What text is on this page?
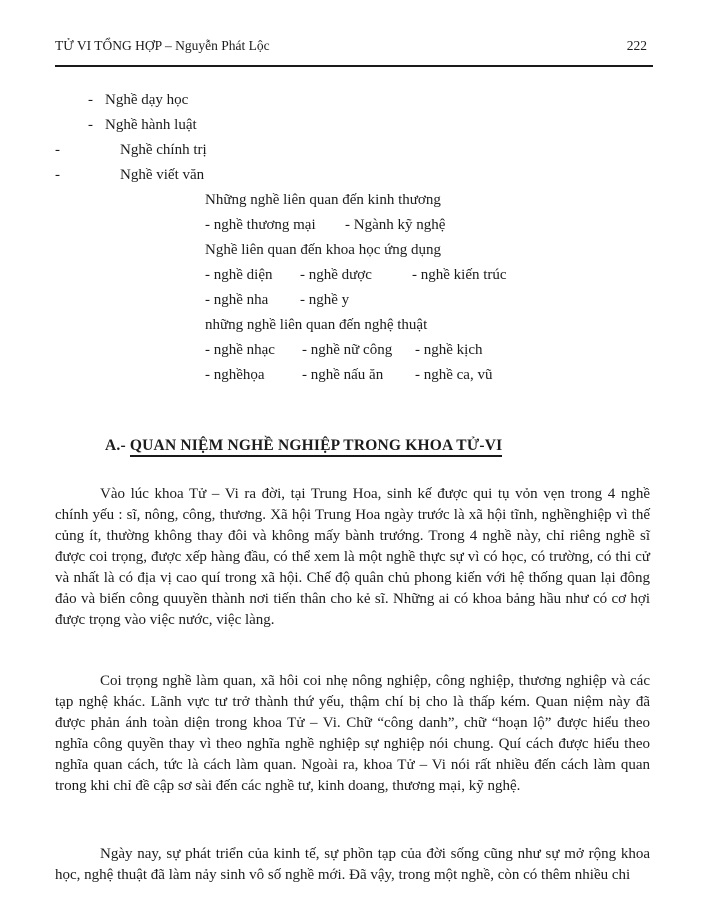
TỬ VI TỔNG HỢP – Nguyễn Phát Lộc	222
- Nghề dạy học
- Nghề hành luật
-	Nghề chính trị
-	Nghề viết văn
Những nghề liên quan đến kinh thương
- nghề thương mại - Ngành kỹ nghệ
Nghề liên quan đến khoa học ứng dụng
- nghề diện - nghề dược	- nghề kiến trúc
- nghề nha - nghề y
những nghề liên quan đến nghệ thuật
- nghề nhạc - nghề nữ công - nghề kịch
- nghềhọa - nghề nấu ăn - nghề ca, vũ
A.- QUAN NIỆM NGHỀ NGHIỆP TRONG KHOA TỬ-VI
Vào lúc khoa Tử – Vi ra đời, tại Trung Hoa, sinh kế được qui tụ vỏn vẹn trong 4 nghề chính yếu : sĩ, nông, công, thương. Xã hội Trung Hoa ngày trước là xã hội tĩnh, nghềnghiệp vì thế củng ít, thường không thay đôi và không mấy bành trướng. Trong 4 nghề này, chỉ riêng nghề sĩ được coi trọng, được xếp hàng đầu, có thể xem là một nghề thực sự vì có học, có trường, có thi cử và nhất là có địa vị cao quí trong xã hội. Chế độ quân chủ phong kiến với hệ thống quan lại đông đảo và biến công quuyền thành nơi tiến thân cho kẻ sĩ. Những ai có khoa bảng hầu như có cơ hợi được trọng vào việc nước, việc làng.
Coi trọng nghề làm quan, xã hôi coi nhẹ nông nghiệp, công nghiệp, thương nghiệp và các tạp nghệ khác. Lãnh vực tư trở thành thứ yếu, thậm chí bị cho là thấp kém. Quan niệm này đã được phản ánh toàn diện trong khoa Tử – Vi. Chữ “công danh”, chữ “hoạn lộ” được hiểu theo nghĩa công quyền thay vì theo nghĩa nghề nghiệp sự nghiệp nói chung. Quí cách được hiểu theo nghĩa quan cách, tức là cách làm quan. Ngoài ra, khoa Tử – Vi nói rất nhiều đến cách làm quan trong khi chỉ đề cập sơ sài đến các nghề tư, kinh doang, thương mại, kỹ nghệ.
Ngày nay, sự phát triển của kinh tế, sự phồn tạp của đời sống cũng như sự mở rộng khoa học, nghệ thuật đã làm nảy sinh vô số nghề mới. Đã vậy, trong một nghề, còn có thêm nhiều chi
